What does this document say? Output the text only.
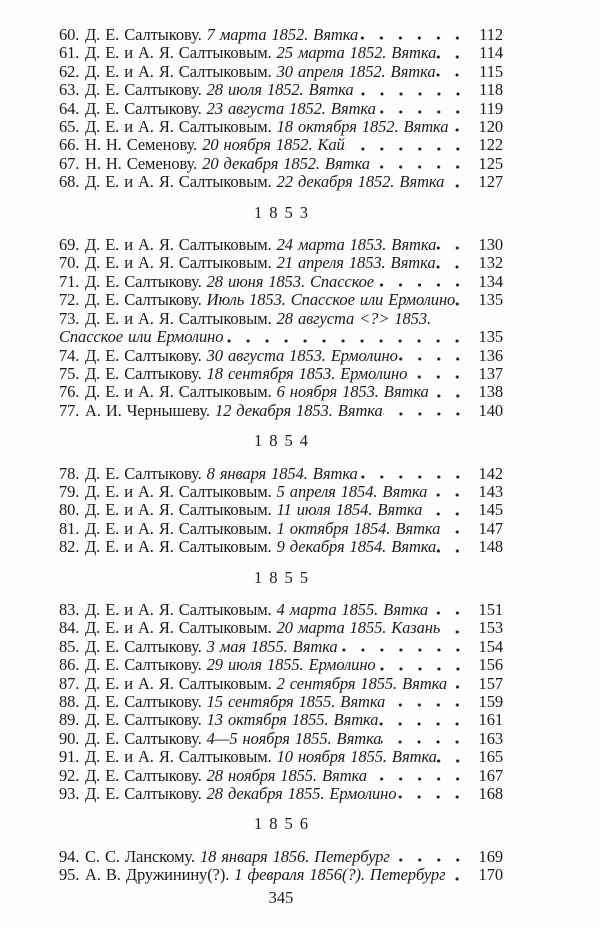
60. Д. Е. Салтыкову. 7 марта 1852. Вятка	112
61. Д. Е. и А. Я. Салтыковым. 25 марта 1852. Вятка	114
62. Д. Е. и А. Я. Салтыковым. 30 апреля 1852. Вятка	115
63. Д. Е. Салтыкову. 28 июля 1852. Вятка	118
64. Д. Е. Салтыкову. 23 августа 1852. Вятка	119
65. Д. Е. и А. Я. Салтыковым. 18 октября 1852. Вятка	120
66. Н. Н. Семенову. 20 ноября 1852. Кай	122
67. Н. Н. Семенову. 20 декабря 1852. Вятка	125
68. Д. Е. и А. Я. Салтыковым. 22 декабря 1852. Вятка	127
1853
69. Д. Е. и А. Я. Салтыковым. 24 марта 1853. Вятка	130
70. Д. Е. и А. Я. Салтыковым. 21 апреля 1853. Вятка	132
71. Д. Е. Салтыкову. 28 июня 1853. Спасское	134
72. Д. Е. Салтыкову. Июль 1853. Спасское или Ермолино	135
73. Д. Е. и А. Я. Салтыковым. 28 августа <?> 1853.
Спасское или Ермолино	135
74. Д. Е. Салтыкову. 30 августа 1853. Ермолино	136
75. Д. Е. Салтыкову. 18 сентября 1853. Ермолино	137
76. Д. Е. и А. Я. Салтыковым. 6 ноября 1853. Вятка	138
77. А. И. Чернышеву. 12 декабря 1853. Вятка	140
1854
78. Д. Е. Салтыкову. 8 января 1854. Вятка	142
79. Д. Е. и А. Я. Салтыковым. 5 апреля 1854. Вятка	143
80. Д. Е. и А. Я. Салтыковым. 11 июля 1854. Вятка	145
81. Д. Е. и А. Я. Салтыковым. 1 октября 1854. Вятка	147
82. Д. Е. и А. Я. Салтыковым. 9 декабря 1854. Вятка	148
1855
83. Д. Е. и А. Я. Салтыковым. 4 марта 1855. Вятка	151
84. Д. Е. и А. Я. Салтыковым. 20 марта 1855. Казань	153
85. Д. Е. Салтыкову. 3 мая 1855. Вятка	154
86. Д. Е. Салтыкову. 29 июля 1855. Ермолино	156
87. Д. Е. и А. Я. Салтыковым. 2 сентября 1855. Вятка	157
88. Д. Е. Салтыкову. 15 сентября 1855. Вятка	159
89. Д. Е. Салтыкову. 13 октября 1855. Вятка	161
90. Д. Е. Салтыкову. 4—5 ноября 1855. Вятка	163
91. Д. Е. и А. Я. Салтыковым. 10 ноября 1855. Вятка	165
92. Д. Е. Салтыкову. 28 ноября 1855. Вятка	167
93. Д. Е. Салтыкову. 28 декабря 1855. Ермолино	168
1856
94. С. С. Ланскому. 18 января 1856. Петербург	169
95. А. В. Дружинину(?). 1 февраля 1856(?). Петербург	170
345
